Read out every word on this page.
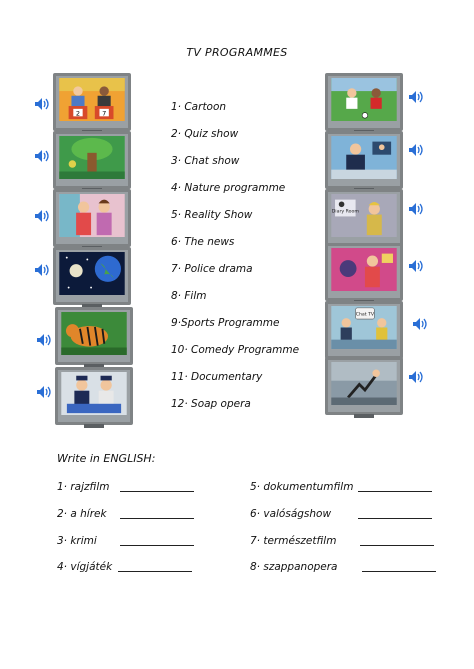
TV PROGRAMMES
2	7
1· Cartoon
2· Quiz show
3· Chat show
4· Nature programme
5· Reality Show
6· The news
7· Police drama
8· Film
9·Sports Programme
10· Comedy Programme
11· Documentary
12· Soap opera
Diary Room
Chat TV
Write in ENGLISH:
1· rajzfilm
2· a hírek
3· krimi
4· vígjáték
5· dokumentumfilm
6· valóságshow
7· természetfilm
8· szappanopera
